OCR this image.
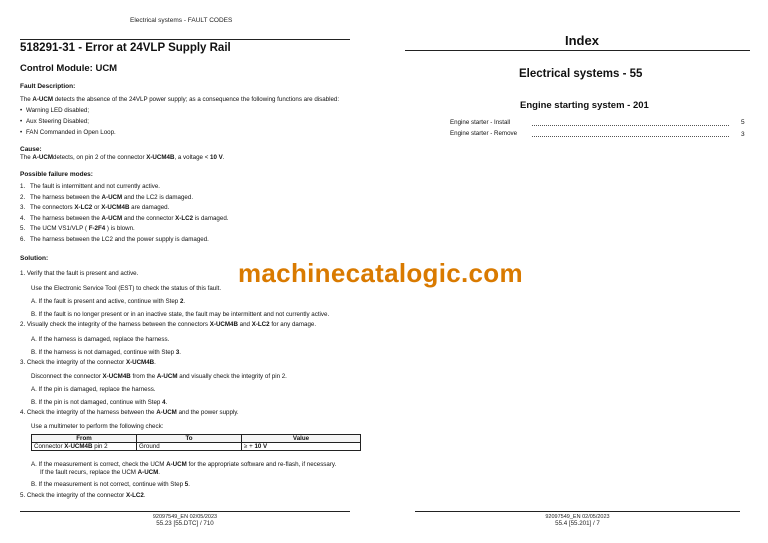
Electrical systems - FAULT CODES
518291-31 - Error at 24VLP Supply Rail
Control Module: UCM
Fault Description:
The A-UCM detects the absence of the 24VLP power supply; as a consequence the following functions are disabled:
• Warning LED disabled;
• Aux Steering Disabled;
• FAN Commanded in Open Loop.
Cause:
The A-UCMdetects, on pin 2 of the connector X-UCM4B, a voltage < 10 V.
Possible failure modes:
1. The fault is intermittent and not currently active.
2. The harness between the A-UCM and the LC2 is damaged.
3. The connectors X-LC2 or X-UCM4B are damaged.
4. The harness between the A-UCM and the connector X-LC2 is damaged.
5. The UCM VS1/VLP ( F-2F4 ) is blown.
6. The harness between the LC2 and the power supply is damaged.
Solution:
1. Verify that the fault is present and active.
Use the Electronic Service Tool (EST) to check the status of this fault.
A. If the fault is present and active, continue with Step 2.
B. If the fault is no longer present or in an inactive state, the fault may be intermittent and not currently active.
2. Visually check the integrity of the harness between the connectors X-UCM4B and X-LC2 for any damage.
A. If the harness is damaged, replace the harness.
B. If the harness is not damaged, continue with Step 3.
3. Check the integrity of the connector X-UCM4B.
Disconnect the connector X-UCM4B from the A-UCM and visually check the integrity of pin 2.
A. If the pin is damaged, replace the harness.
B. If the pin is not damaged, continue with Step 4.
4. Check the integrity of the harness between the A-UCM and the power supply.
Use a multimeter to perform the following check:
A. If the measurement is correct, check the UCM A-UCM for the appropriate software and re-flash, if necessary.
If the fault recurs, replace the UCM A-UCM.
B. If the measurement is not correct, continue with Step 5.
5. Check the integrity of the connector X-LC2.
From	To	Value
Connector X-UCM4B pin 2	Ground	≥ + 10 V
92097549_EN 02/05/2023
55.23 [55.DTC] / 710
Index
Electrical systems - 55
Engine starting system - 201
Engine starter - Install	5
Engine starter - Remove	3
92097549_EN 02/05/2023
55.4 [55.201] / 7
machinecatalogic.com
